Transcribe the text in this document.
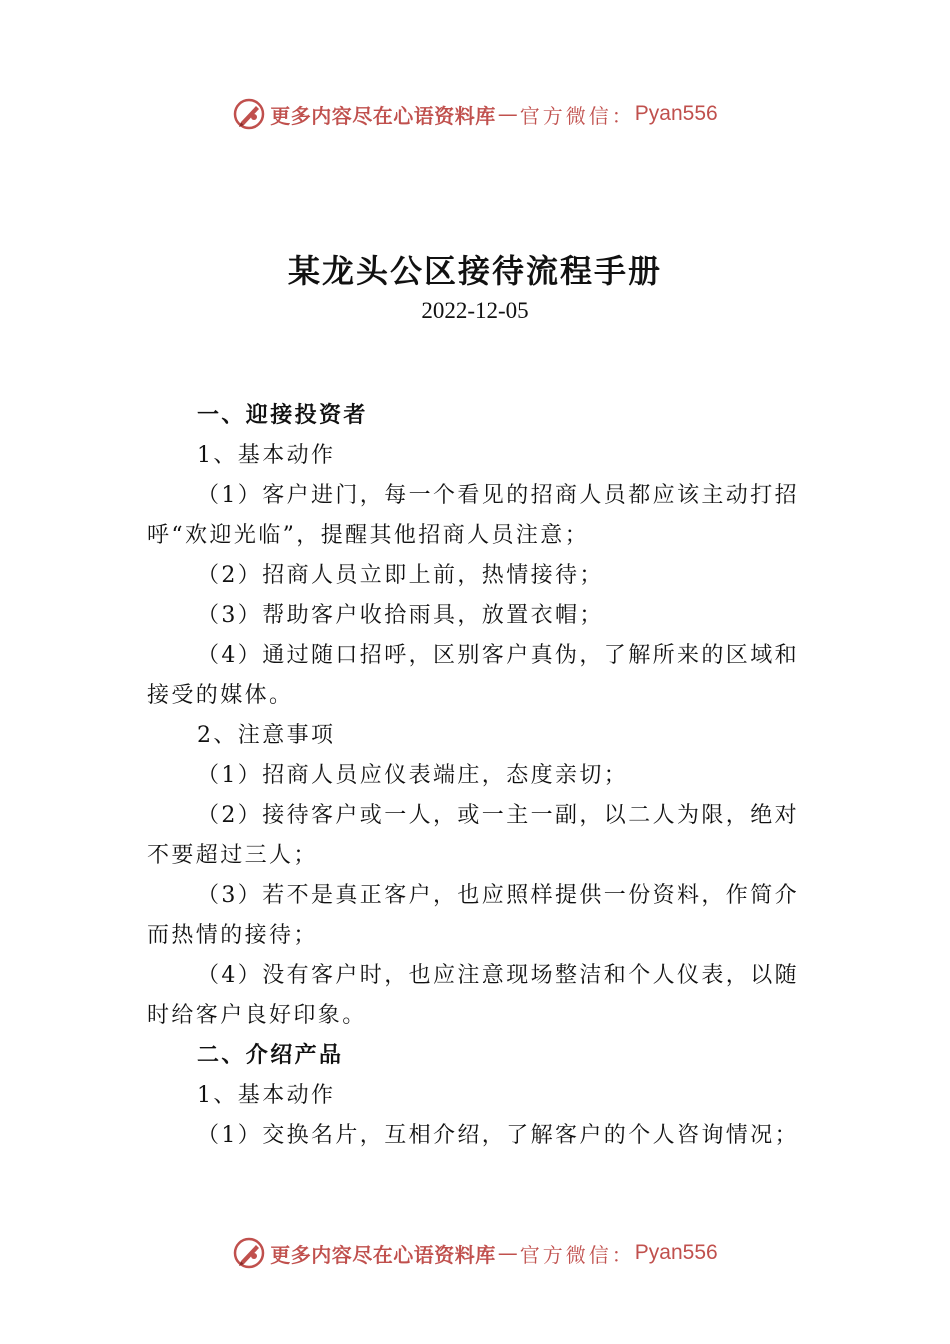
更多内容尽在心语资料库 — 官方微信： Pyan556
某龙头公区接待流程手册
2022-12-05

一、迎接投资者

1、基本动作

（1）客户进门，每一个看见的招商人员都应该主动打招呼“欢迎光临”，提醒其他招商人员注意；

（2）招商人员立即上前，热情接待；

（3）帮助客户收拾雨具，放置衣帽；

（4）通过随口招呼，区别客户真伪，了解所来的区域和接受的媒体。

2、注意事项

（1）招商人员应仪表端庄，态度亲切；

（2）接待客户或一人，或一主一副，以二人为限，绝对不要超过三人；

（3）若不是真正客户，也应照样提供一份资料，作简介而热情的接待；

（4）没有客户时，也应注意现场整洁和个人仪表，以随时给客户良好印象。

二、介绍产品

1、基本动作

（1）交换名片，互相介绍，了解客户的个人咨询情况；

更多内容尽在心语资料库 — 官方微信： Pyan556
